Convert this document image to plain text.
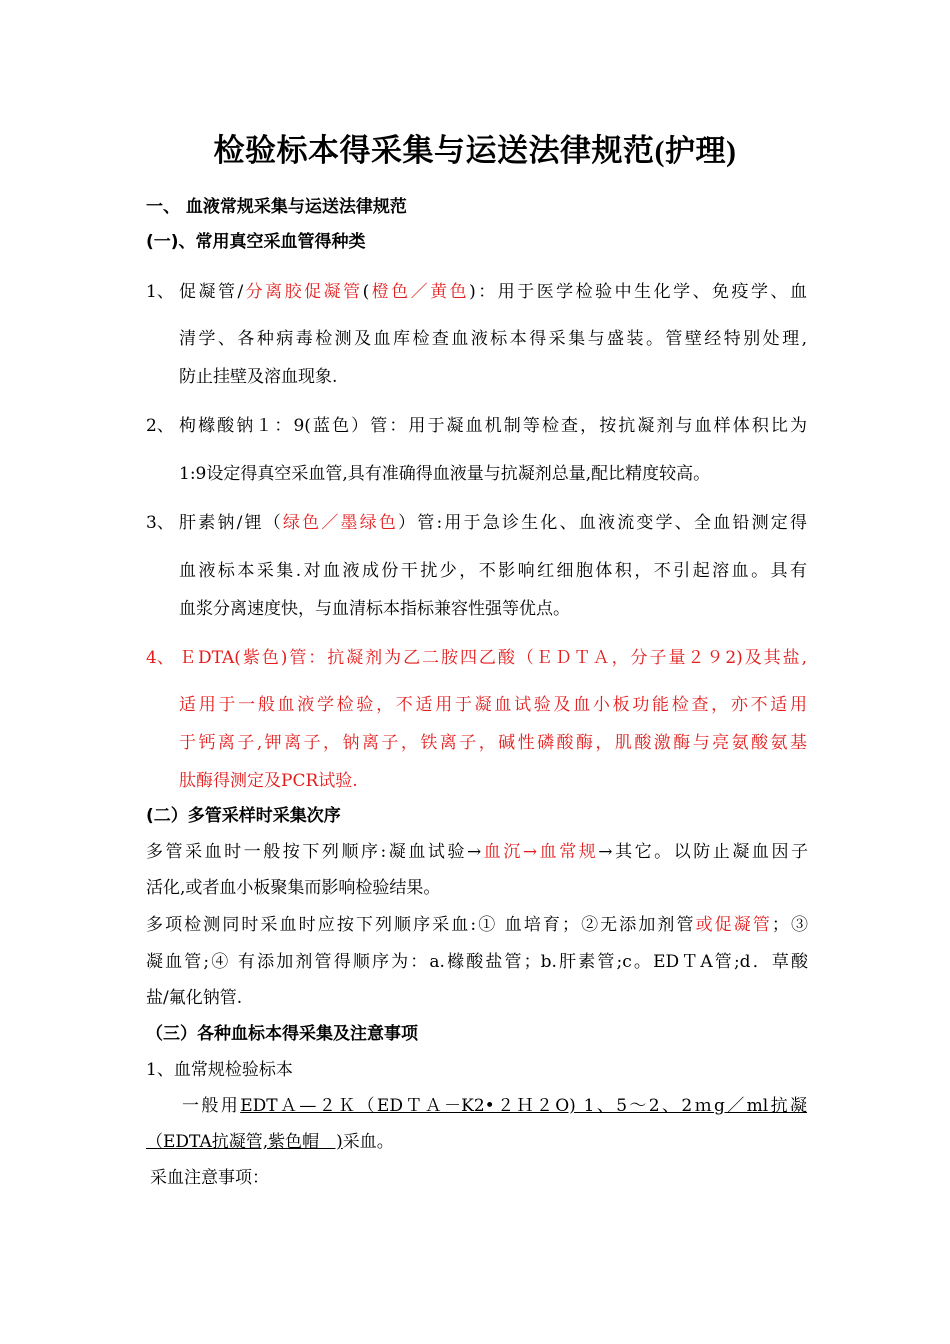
检验标本得采集与运送法律规范(护理)
一、 血液常规采集与运送法律规范
(一)、常用真空采血管得种类
1、 促凝管/分离胶促凝管(橙色／黄色)：用于医学检验中生化学、免疫学、血
清学、各种病毒检测及血库检查血液标本得采集与盛装。管壁经特别处理,
防止挂壁及溶血现象.
2、 枸橼酸钠１：9(蓝色）管：用于凝血机制等检查，按抗凝剂与血样体积比为
1:9设定得真空采血管,具有准确得血液量与抗凝剂总量,配比精度较高。
3、 肝素钠/锂（绿色／墨绿色）管:用于急诊生化、血液流变学、全血铅测定得
血液标本采集.对血液成份干扰少，不影响红细胞体积，不引起溶血。具有
血浆分离速度快，与血清标本指标兼容性强等优点。
4、 ＥDTA(紫色)管：抗凝剂为乙二胺四乙酸（ＥＤＴＡ，分子量２９2)及其盐,
适用于一般血液学检验，不适用于凝血试验及血小板功能检查，亦不适用
于钙离子,钾离子，钠离子，铁离子，碱性磷酸酶，肌酸激酶与亮氨酸氨基
肽酶得测定及PCR试验.
(二）多管采样时采集次序
多管采血时一般按下列顺序:凝血试验→血沉→血常规→其它。以防止凝血因子
活化,或者血小板聚集而影响检验结果。
多项检测同时采血时应按下列顺序采血:① 血培育；②无添加剂管或促凝管；③
凝血管;④ 有添加剂管得顺序为：a.橼酸盐管；b.肝素管;c。EDＴA管;d．草酸
盐/氟化钠管.
（三）各种血标本得采集及注意事项
1、血常规检验标本
一般用EDTＡ—２Ｋ（EDＴＡ－K2•２Ｈ２O) 1、5～2、2ｍg／ml抗凝
（EDTA抗凝管,紫色帽　)采血。
采血注意事项：
